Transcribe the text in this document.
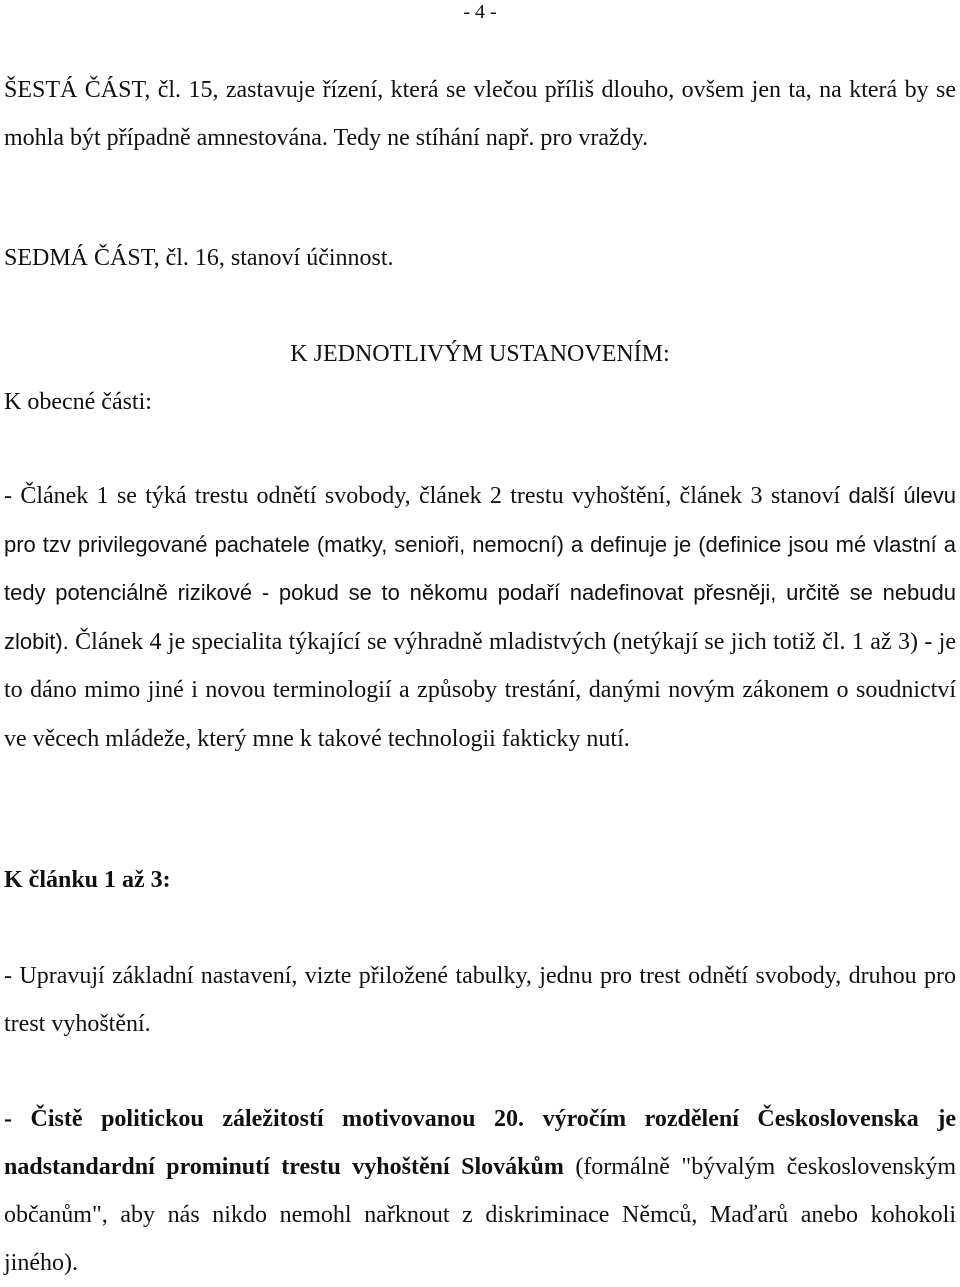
- 4 -

ŠESTÁ ČÁST, čl. 15, zastavuje řízení, která se vlečou příliš dlouho, ovšem jen ta, na která by se mohla být případně amnestována. Tedy ne stíhání např. pro vraždy.

SEDMÁ ČÁST, čl. 16, stanoví účinnost.

K JEDNOTLIVÝM USTANOVENÍM:
K obecné části:

- Článek 1 se týká trestu odnětí svobody, článek 2 trestu vyhoštění, článek 3 stanoví další úlevu pro tzv privilegované pachatele (matky, senioři, nemocní) a definuje je (definice jsou mé vlastní a tedy potenciálně rizikové - pokud se to někomu podaří nadefinovat přesněji, určitě se nebudu zlobit). Článek 4 je specialita týkající se výhradně mladistvých (netýkají se jich totiž čl. 1 až 3) - je to dáno mimo jiné i novou terminologií a způsoby trestání, danými novým zákonem o soudnictví ve věcech mládeže, který mne k takové technologii fakticky nutí.

K článku 1 až 3:

- Upravují základní nastavení, vizte přiložené tabulky, jednu pro trest odnětí svobody, druhou pro trest vyhoštění.

- Čistě politickou záležitostí motivovanou 20. výročím rozdělení Československa je nadstandardní prominutí trestu vyhoštění Slovákům (formálně "bývalým československým občanům", aby nás nikdo nemohl nařknout z diskriminace Němců, Maďarů anebo kohokoli jiného).
